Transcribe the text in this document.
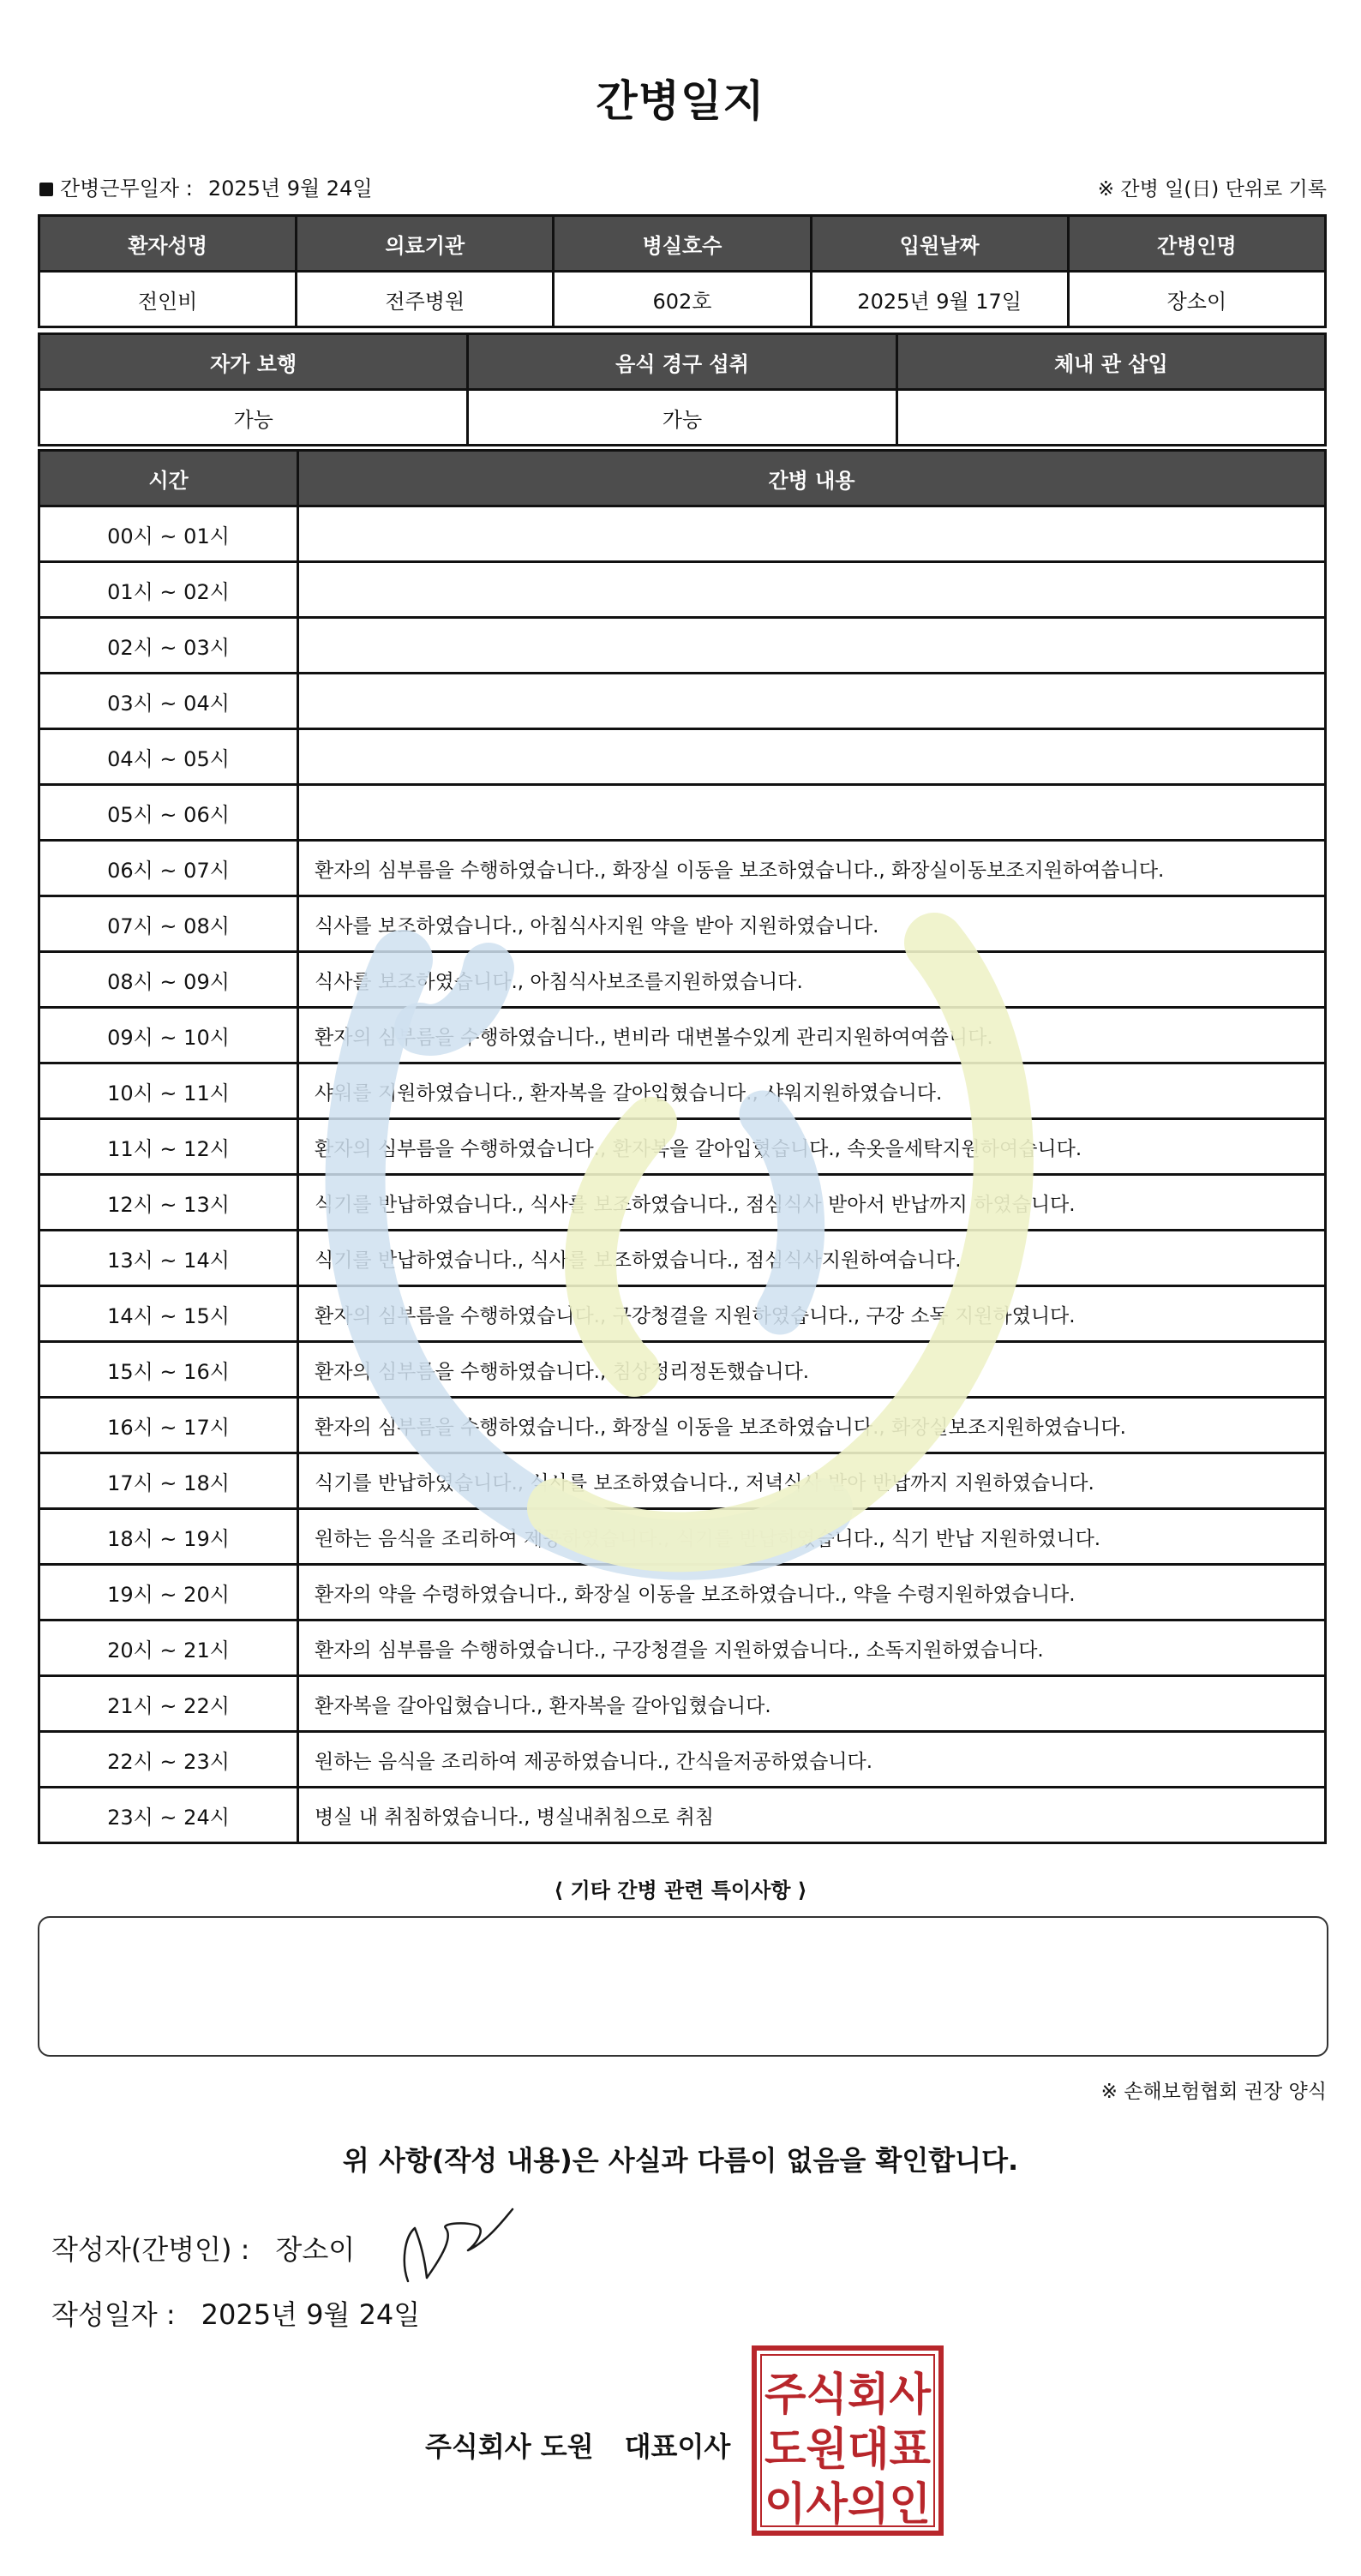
간병일지
간병근무일자 : 2025년 9월 24일	※ 간병 일(日) 단위로 기록
환자성명	의료기관	병실호수	입원날짜	간병인명
전인비	전주병원	602호	2025년 9월 17일	장소이
자가 보행	음식 경구 섭취	체내 관 삽입
가능	가능	
시간	간병 내용
00시 ~ 01시	
01시 ~ 02시	
02시 ~ 03시	
03시 ~ 04시	
04시 ~ 05시	
05시 ~ 06시	
06시 ~ 07시	환자의 심부름을 수행하였습니다., 화장실 이동을 보조하였습니다., 화장실이동보조지원하여씁니다.
07시 ~ 08시	식사를 보조하였습니다., 아침식사지원 약을 받아 지원하였습니다.
08시 ~ 09시	식사를 보조하였습니다., 아침식사보조를지원하였습니다.
09시 ~ 10시	환자의 심부름을 수행하였습니다., 변비라 대변볼수있게 관리지원하여여씁니다.
10시 ~ 11시	샤워를 지원하였습니다., 환자복을 갈아입혔습니다., 샤워지원하였습니다.
11시 ~ 12시	환자의 심부름을 수행하였습니다., 환자복을 갈아입혔습니다., 속옷을세탁지원하여습니다.
12시 ~ 13시	식기를 반납하였습니다., 식사를 보조하였습니다., 점심식사 받아서 반납까지 하였습니다.
13시 ~ 14시	식기를 반납하였습니다., 식사를 보조하였습니다., 점심식사지원하여습니다.
14시 ~ 15시	환자의 심부름을 수행하였습니다., 구강청결을 지원하였습니다., 구강 소독 지원하였니다.
15시 ~ 16시	환자의 심부름을 수행하였습니다., 침상정리정돈했습니다.
16시 ~ 17시	환자의 심부름을 수행하였습니다., 화장실 이동을 보조하였습니다., 화장실보조지원하였습니다.
17시 ~ 18시	식기를 반납하였습니다., 식사를 보조하였습니다., 저녁식사 받아 반납까지 지원하였습니다.
18시 ~ 19시	원하는 음식을 조리하여 제공하였습니다., 식기를 반납하였습니다., 식기 반납 지원하였니다.
19시 ~ 20시	환자의 약을 수령하였습니다., 화장실 이동을 보조하였습니다., 약을 수령지원하였습니다.
20시 ~ 21시	환자의 심부름을 수행하였습니다., 구강청결을 지원하였습니다., 소독지원하였습니다.
21시 ~ 22시	환자복을 갈아입혔습니다., 환자복을 갈아입혔습니다.
22시 ~ 23시	원하는 음식을 조리하여 제공하였습니다., 간식을저공하였습니다.
23시 ~ 24시	병실 내 취침하였습니다., 병실내취침으로 취침
⟨ 기타 간병 관련 특이사항 ⟩
※ 손해보험협회 권장 양식
위 사항(작성 내용)은 사실과 다름이 없음을 확인합니다.
작성자(간병인) : 장소이
작성일자 : 2025년 9월 24일
주식회사 도원 대표이사
주식회사
도원대표
이사의인
